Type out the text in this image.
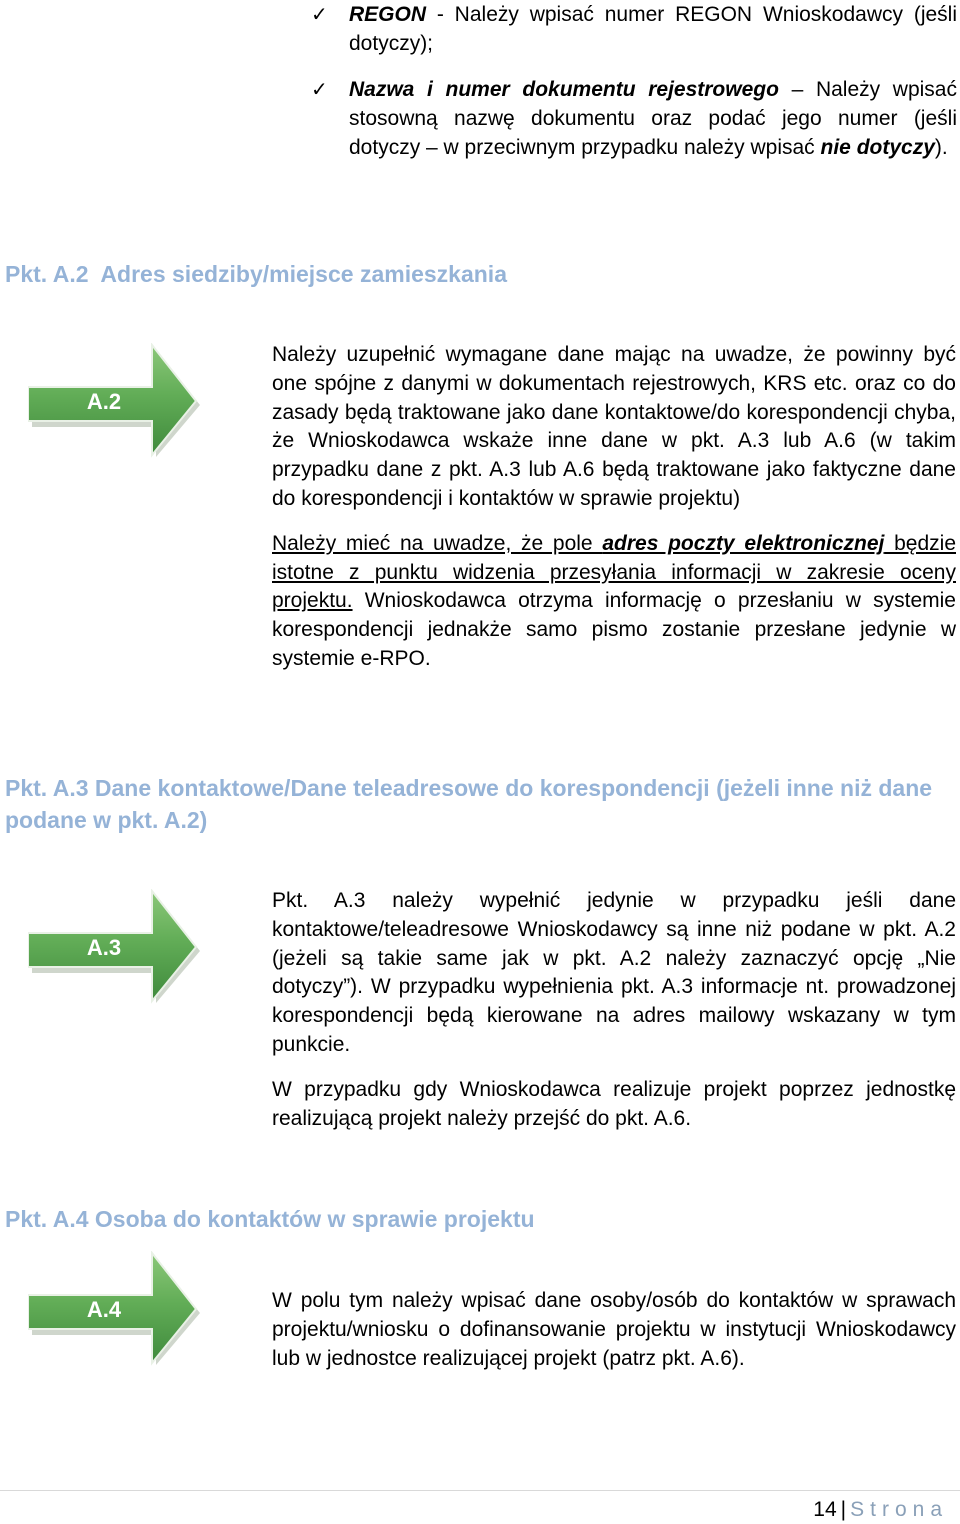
✓ REGON - Należy wpisać numer REGON Wnioskodawcy (jeśli dotyczy);
✓ Nazwa i numer dokumentu rejestrowego – Należy wpisać stosowną nazwę dokumentu oraz podać jego numer (jeśli dotyczy – w przeciwnym przypadku należy wpisać nie dotyczy).
Pkt. A.2  Adres siedziby/miejsce zamieszkania
A.2

Należy uzupełnić wymagane dane mając na uwadze, że powinny być one spójne z danymi w dokumentach rejestrowych, KRS etc. oraz co do zasady będą traktowane jako dane kontaktowe/do korespondencji chyba, że Wnioskodawca wskaże inne dane w pkt. A.3 lub A.6 (w takim przypadku dane z pkt. A.3 lub A.6 będą traktowane jako faktyczne dane do korespondencji i kontaktów w sprawie projektu)

Należy mieć na uwadze, że pole adres poczty elektronicznej będzie istotne z punktu widzenia przesyłania informacji w zakresie oceny projektu. Wnioskodawca otrzyma informację o przesłaniu w systemie korespondencji jednakże samo pismo zostanie przesłane jedynie w systemie e-RPO.

Pkt. A.3 Dane kontaktowe/Dane teleadresowe do korespondencji (jeżeli inne niż dane podane w pkt. A.2)
A.3

Pkt. A.3 należy wypełnić jedynie w przypadku jeśli dane kontaktowe/teleadresowe Wnioskodawcy są inne niż podane w pkt. A.2 (jeżeli są takie same jak w pkt. A.2 należy zaznaczyć opcję „Nie dotyczy”). W przypadku wypełnienia pkt. A.3 informacje nt. prowadzonej korespondencji będą kierowane na adres mailowy wskazany w tym punkcie.

W przypadku gdy Wnioskodawca realizuje projekt poprzez jednostkę realizującą projekt należy przejść do pkt. A.6.

Pkt. A.4 Osoba do kontaktów w sprawie projektu
A.4	W polu tym należy wpisać dane osoby/osób do kontaktów w sprawach projektu/wniosku o dofinansowanie projektu w instytucji Wnioskodawcy lub w jednostce realizującej projekt (patrz pkt. A.6).

14 | Strona
